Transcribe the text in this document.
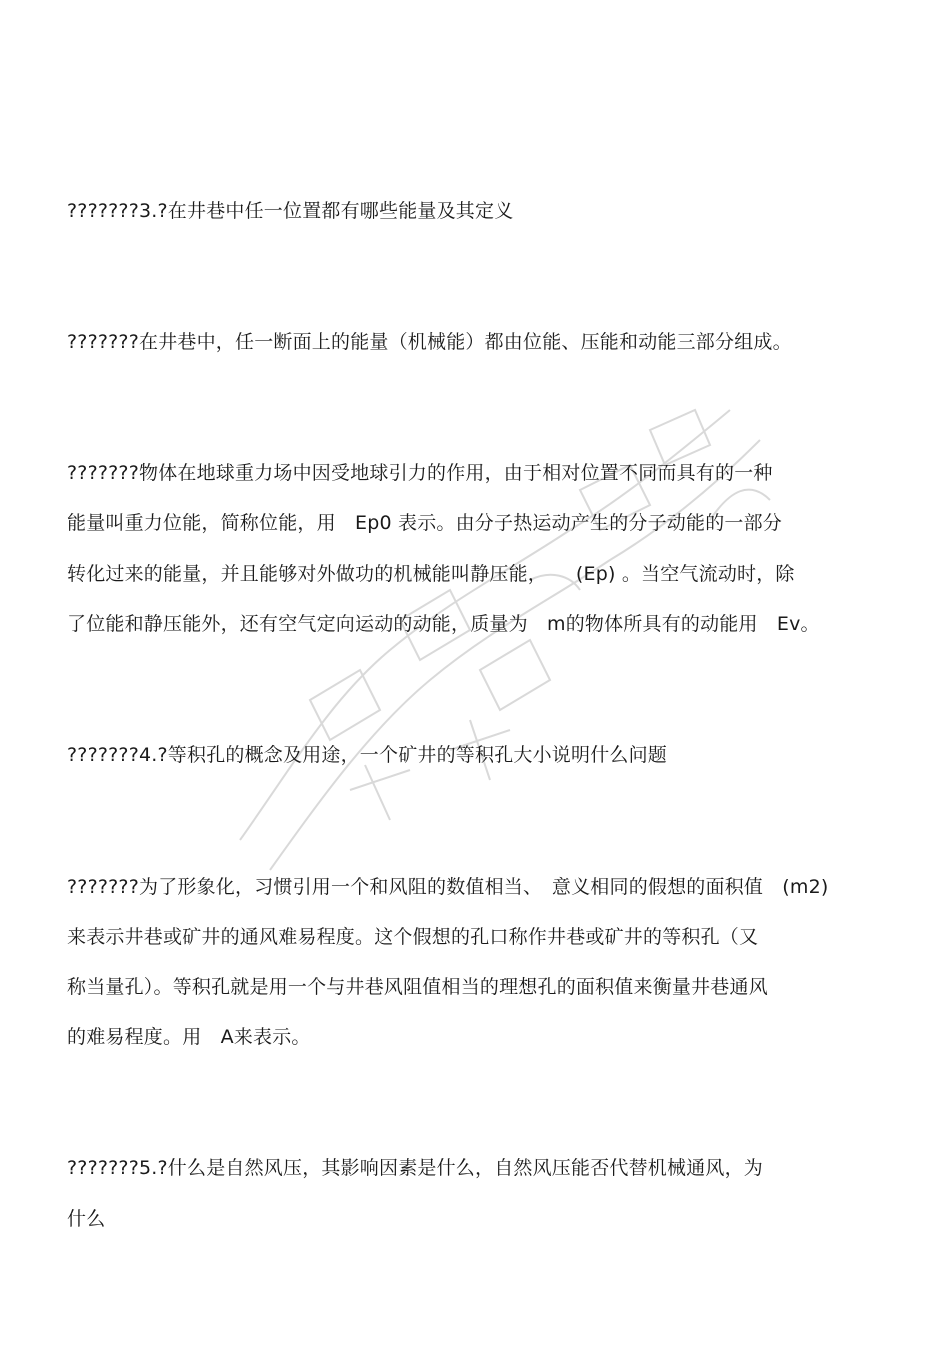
???????3.?在井巷中任一位置都有哪些能量及其定义
???????在井巷中，任一断面上的能量（机械能）都由位能、压能和动能三部分组成。
???????物体在地球重力场中因受地球引力的作用，由于相对位置不同而具有的一种
能量叫重力位能，简称位能，用　Ep0 表示。由分子热运动产生的分子动能的一部分
转化过来的能量，并且能够对外做功的机械能叫静压能，　　(Ep) 。当空气流动时，除
了位能和静压能外，还有空气定向运动的动能，质量为　m的物体所具有的动能用　Ev。
???????4.?等积孔的概念及用途，一个矿井的等积孔大小说明什么问题
???????为了形象化，习惯引用一个和风阻的数值相当、　意义相同的假想的面积值　(m2)
来表示井巷或矿井的通风难易程度。这个假想的孔口称作井巷或矿井的等积孔（又
称当量孔）。等积孔就是用一个与井巷风阻值相当的理想孔的面积值来衡量井巷通风
的难易程度。用　A来表示。
???????5.?什么是自然风压，其影响因素是什么，自然风压能否代替机械通风，为
什么
